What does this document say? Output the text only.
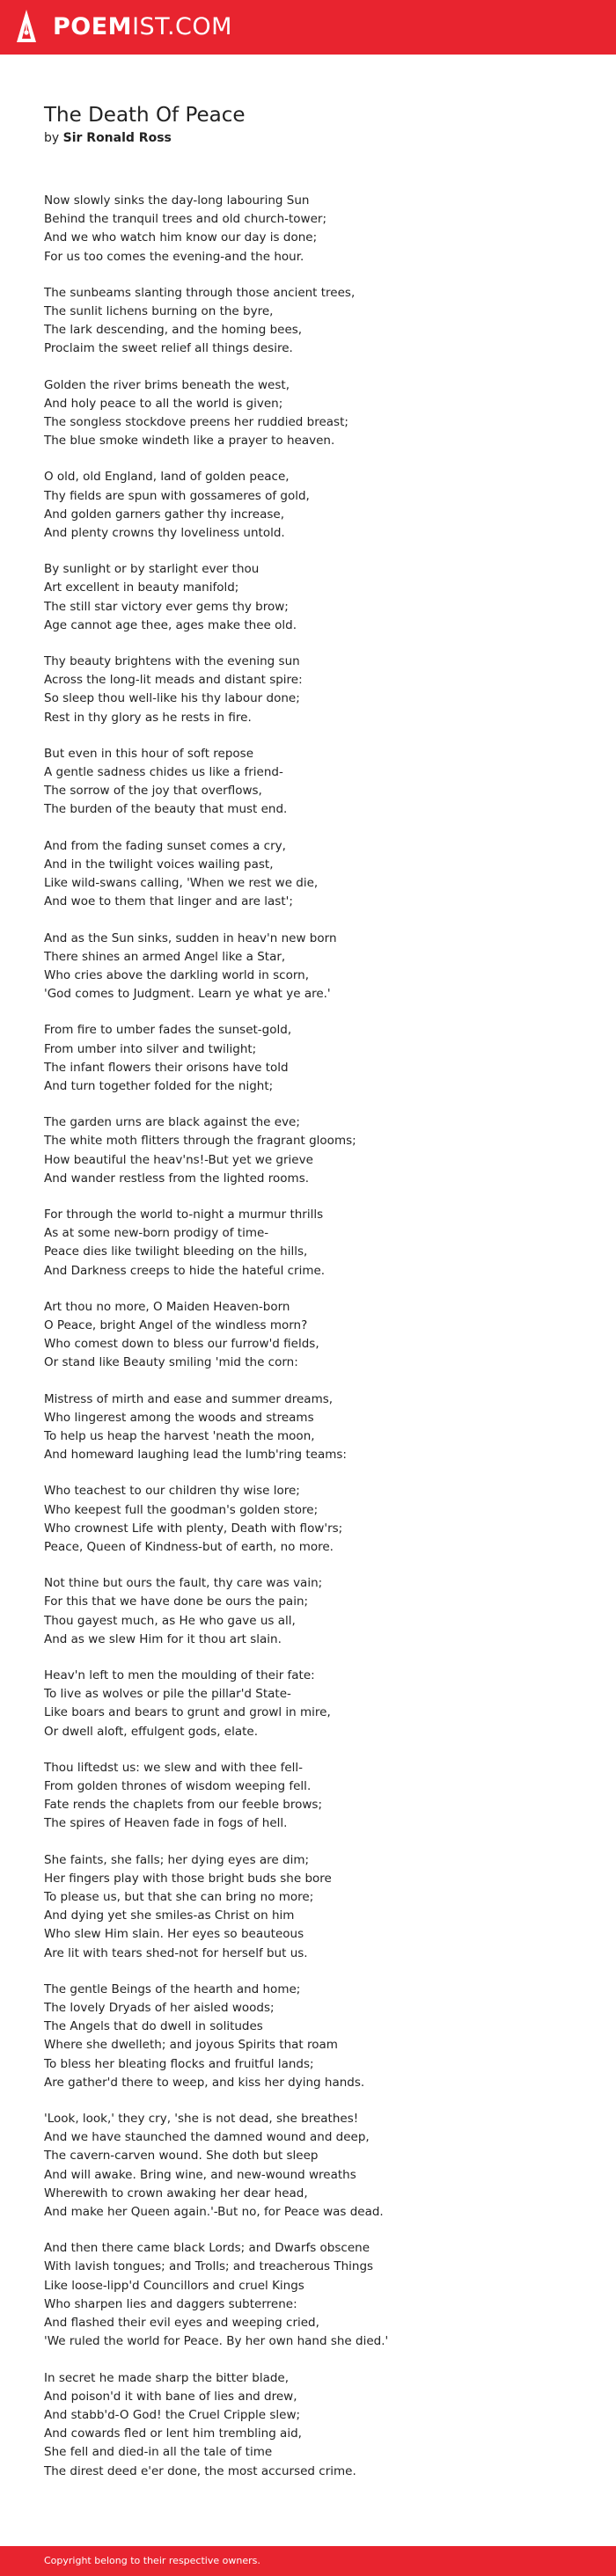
POEMIST.COM
The Death Of Peace
by Sir Ronald Ross
Now slowly sinks the day-long labouring Sun
Behind the tranquil trees and old church-tower;
And we who watch him know our day is done;
For us too comes the evening-and the hour.
The sunbeams slanting through those ancient trees,
The sunlit lichens burning on the byre,
The lark descending, and the homing bees,
Proclaim the sweet relief all things desire.
Golden the river brims beneath the west,
And holy peace to all the world is given;
The songless stockdove preens her ruddied breast;
The blue smoke windeth like a prayer to heaven.
O old, old England, land of golden peace,
Thy fields are spun with gossameres of gold,
And golden garners gather thy increase,
And plenty crowns thy loveliness untold.
By sunlight or by starlight ever thou
Art excellent in beauty manifold;
The still star victory ever gems thy brow;
Age cannot age thee, ages make thee old.
Thy beauty brightens with the evening sun
Across the long-lit meads and distant spire:
So sleep thou well-like his thy labour done;
Rest in thy glory as he rests in fire.
But even in this hour of soft repose
A gentle sadness chides us like a friend-
The sorrow of the joy that overflows,
The burden of the beauty that must end.
And from the fading sunset comes a cry,
And in the twilight voices wailing past,
Like wild-swans calling, 'When we rest we die,
And woe to them that linger and are last';
And as the Sun sinks, sudden in heav'n new born
There shines an armed Angel like a Star,
Who cries above the darkling world in scorn,
'God comes to Judgment. Learn ye what ye are.'
From fire to umber fades the sunset-gold,
From umber into silver and twilight;
The infant flowers their orisons have told
And turn together folded for the night;
The garden urns are black against the eve;
The white moth flitters through the fragrant glooms;
How beautiful the heav'ns!-But yet we grieve
And wander restless from the lighted rooms.
For through the world to-night a murmur thrills
As at some new-born prodigy of time-
Peace dies like twilight bleeding on the hills,
And Darkness creeps to hide the hateful crime.
Art thou no more, O Maiden Heaven-born
O Peace, bright Angel of the windless morn?
Who comest down to bless our furrow'd fields,
Or stand like Beauty smiling 'mid the corn:
Mistress of mirth and ease and summer dreams,
Who lingerest among the woods and streams
To help us heap the harvest 'neath the moon,
And homeward laughing lead the lumb'ring teams:
Who teachest to our children thy wise lore;
Who keepest full the goodman's golden store;
Who crownest Life with plenty, Death with flow'rs;
Peace, Queen of Kindness-but of earth, no more.
Not thine but ours the fault, thy care was vain;
For this that we have done be ours the pain;
Thou gayest much, as He who gave us all,
And as we slew Him for it thou art slain.
Heav'n left to men the moulding of their fate:
To live as wolves or pile the pillar'd State-
Like boars and bears to grunt and growl in mire,
Or dwell aloft, effulgent gods, elate.
Thou liftedst us: we slew and with thee fell-
From golden thrones of wisdom weeping fell.
Fate rends the chaplets from our feeble brows;
The spires of Heaven fade in fogs of hell.
She faints, she falls; her dying eyes are dim;
Her fingers play with those bright buds she bore
To please us, but that she can bring no more;
And dying yet she smiles-as Christ on him
Who slew Him slain. Her eyes so beauteous
Are lit with tears shed-not for herself but us.
The gentle Beings of the hearth and home;
The lovely Dryads of her aisled woods;
The Angels that do dwell in solitudes
Where she dwelleth; and joyous Spirits that roam
To bless her bleating flocks and fruitful lands;
Are gather'd there to weep, and kiss her dying hands.
'Look, look,' they cry, 'she is not dead, she breathes!
And we have staunched the damned wound and deep,
The cavern-carven wound. She doth but sleep
And will awake. Bring wine, and new-wound wreaths
Wherewith to crown awaking her dear head,
And make her Queen again.'-But no, for Peace was dead.
And then there came black Lords; and Dwarfs obscene
With lavish tongues; and Trolls; and treacherous Things
Like loose-lipp'd Councillors and cruel Kings
Who sharpen lies and daggers subterrene:
And flashed their evil eyes and weeping cried,
'We ruled the world for Peace. By her own hand she died.'
In secret he made sharp the bitter blade,
And poison'd it with bane of lies and drew,
And stabb'd-O God! the Cruel Cripple slew;
And cowards fled or lent him trembling aid,
She fell and died-in all the tale of time
The direst deed e'er done, the most accursed crime.
Copyright belong to their respective owners.
